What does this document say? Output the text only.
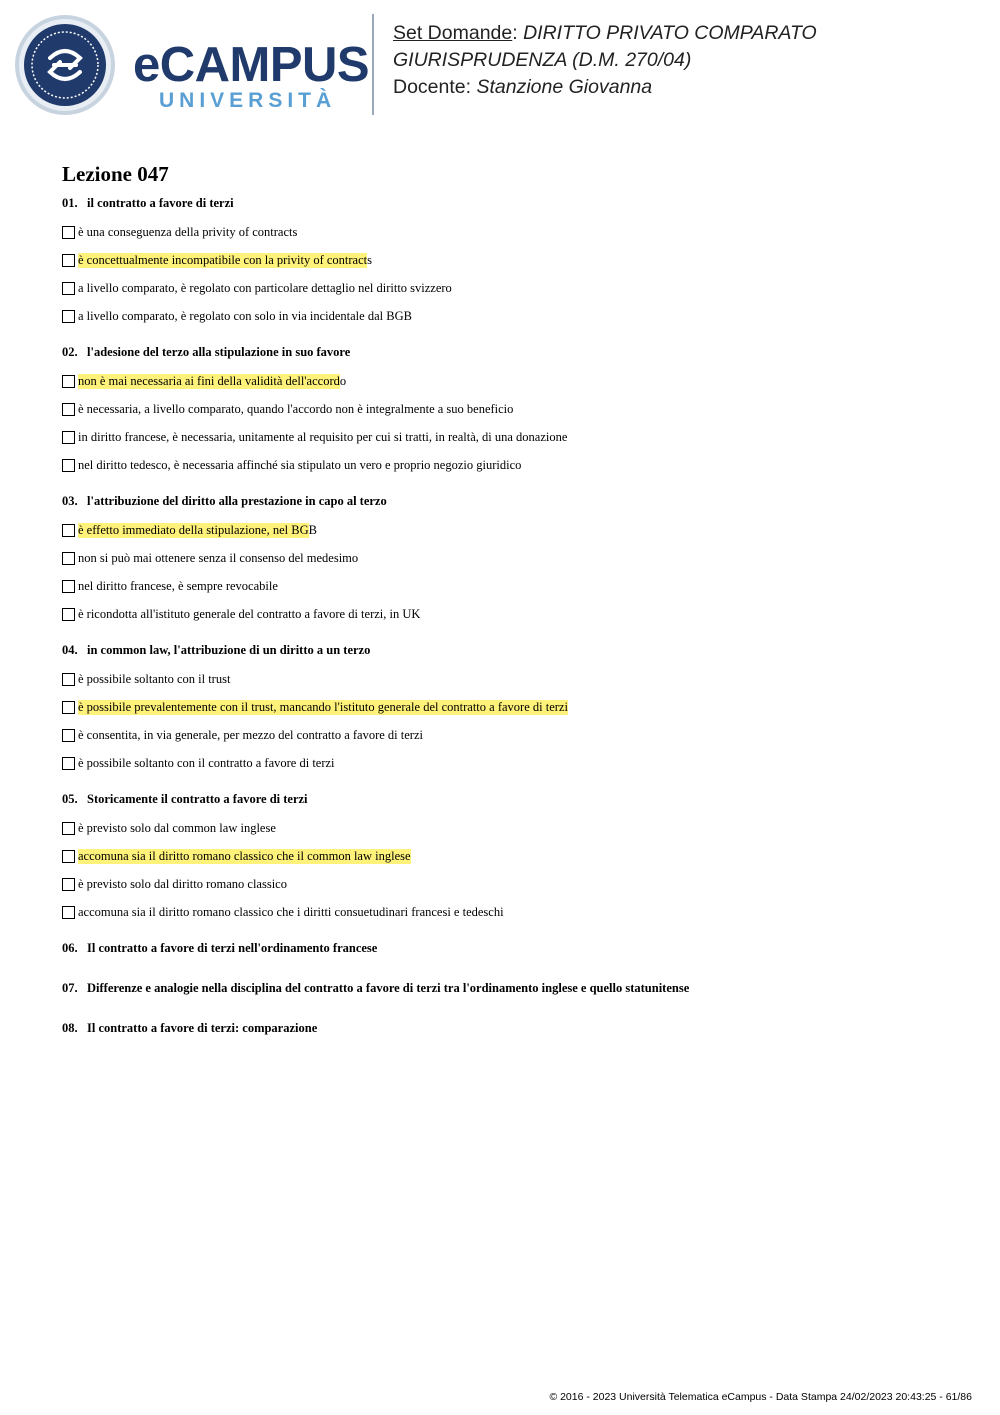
eCAMPUS
UNIVERSITÀ
Set Domande: DIRITTO PRIVATO COMPARATO
GIURISPRUDENZA (D.M. 270/04)
Docente: Stanzione Giovanna
Lezione 047
01. il contratto a favore di terzi
è una conseguenza della privity of contracts
è concettualmente incompatibile con la privity of contract s
a livello comparato, è regolato con particolare dettaglio nel diritto svizzero
a livello comparato, è regolato con solo in via incidentale dal BGB
02. l'adesione del terzo alla stipulazione in suo favore
non è mai necessaria ai fini della validità dell'accord o
è necessaria, a livello comparato, quando l'accordo non è integralmente a suo beneficio
in diritto francese, è necessaria, unitamente al requisito per cui si tratti, in realtà, di una donazione
nel diritto tedesco, è necessaria affinché sia stipulato un vero e proprio negozio giuridico
03. l'attribuzione del diritto alla prestazione in capo al terzo
è effetto immediato della stipulazione, nel BG B
non si può mai ottenere senza il consenso del medesimo
nel diritto francese, è sempre revocabile
è ricondotta all'istituto generale del contratto a favore di terzi, in UK
04. in common law, l'attribuzione di un diritto a un terzo
è possibile soltanto con il trust
è possibile prevalentemente con il trust, mancando l'istituto generale del contratto a favore di terzi
è consentita, in via generale, per mezzo del contratto a favore di terzi
è possibile soltanto con il contratto a favore di terzi
05. Storicamente il contratto a favore di terzi
è previsto solo dal common law inglese
accomuna sia il diritto romano classico che il common law inglese
è previsto solo dal diritto romano classico
accomuna sia il diritto romano classico che i diritti consuetudinari francesi e tedeschi
06. Il contratto a favore di terzi nell'ordinamento francese
07. Differenze e analogie nella disciplina del contratto a favore di terzi tra l'ordinamento inglese e quello statunitense
08. Il contratto a favore di terzi: comparazione
© 2016 - 2023 Università Telematica eCampus - Data Stampa 24/02/2023 20:43:25 - 61/86
